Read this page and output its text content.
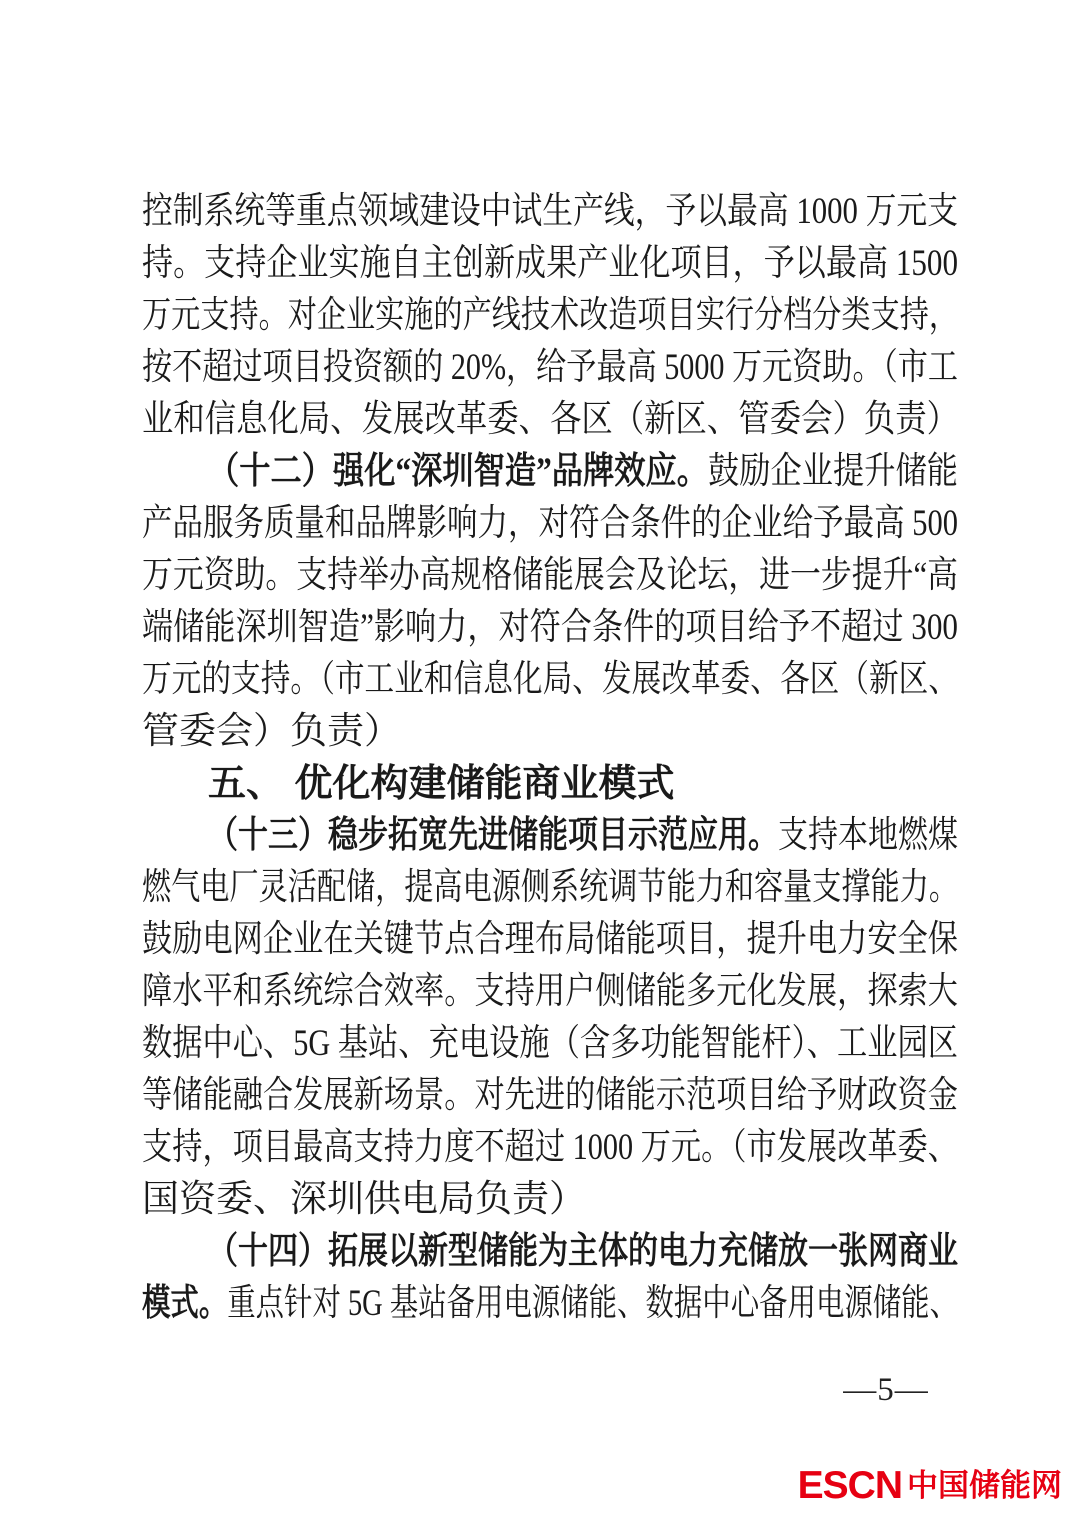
控制系统等重点领域建设中试生产线，予以最高 1000 万元支
持。支持企业实施自主创新成果产业化项目，予以最高 1500
万元支持。对企业实施的产线技术改造项目实行分档分类支持，
按不超过项目投资额的 20%，给予最高 5000 万元资助。（市工
业和信息化局、发展改革委、各区（新区、管委会）负责）
（十二）强化“深圳智造”品牌效应。鼓励企业提升储能
产品服务质量和品牌影响力，对符合条件的企业给予最高 500
万元资助。支持举办高规格储能展会及论坛，进一步提升“高
端储能深圳智造”影响力，对符合条件的项目给予不超过 300
万元的支持。（市工业和信息化局、发展改革委、各区（新区、
管委会）负责）
五、 优化构建储能商业模式
（十三）稳步拓宽先进储能项目示范应用。支持本地燃煤
燃气电厂灵活配储，提高电源侧系统调节能力和容量支撑能力。
鼓励电网企业在关键节点合理布局储能项目，提升电力安全保
障水平和系统综合效率。支持用户侧储能多元化发展，探索大
数据中心、5G 基站、充电设施（含多功能智能杆）、工业园区
等储能融合发展新场景。对先进的储能示范项目给予财政资金
支持，项目最高支持力度不超过 1000 万元。（市发展改革委、
国资委、深圳供电局负责）
（十四）拓展以新型储能为主体的电力充储放一张网商业
模式。重点针对 5G 基站备用电源储能、数据中心备用电源储能、
—5—
ESCN 中国储能网
